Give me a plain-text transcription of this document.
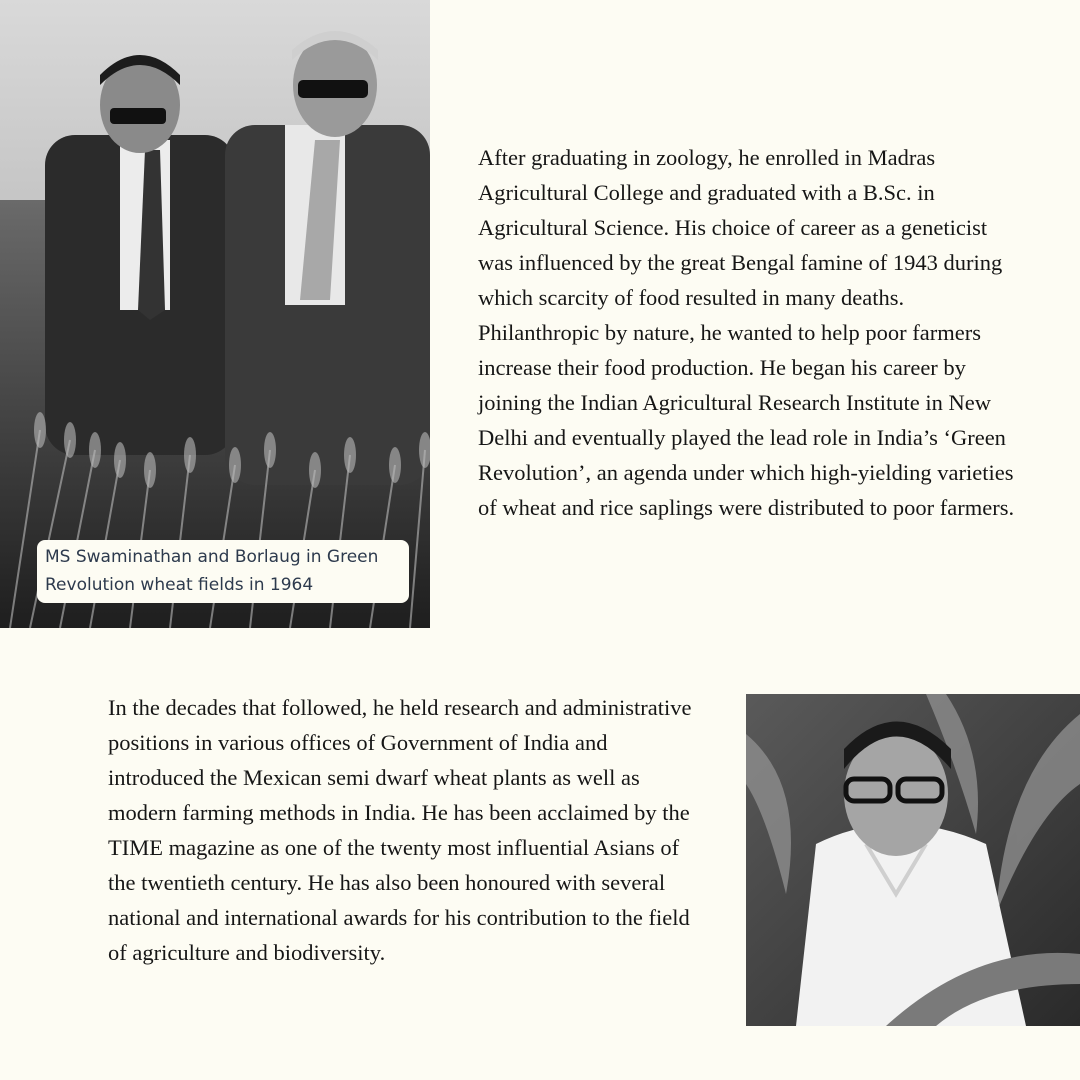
MS Swaminathan and Borlaug in Green Revolution wheat fields in 1964

After graduating in zoology, he enrolled in Madras Agricultural College and graduated with a B.Sc. in Agricultural Science. His choice of career as a geneticist was influenced by the great Bengal famine of 1943 during which scarcity of food resulted in many deaths. Philanthropic by nature, he wanted to help poor farmers increase their food production. He began his career by joining the Indian Agricultural Research Institute in New Delhi and eventually played the lead role in India’s ‘Green Revolution’, an agenda under which high-yielding varieties of wheat and rice saplings were distributed to poor farmers.

In the decades that followed, he held research and administrative positions in various offices of Government of India and introduced the Mexican semi dwarf wheat plants as well as modern farming methods in India. He has been acclaimed by the TIME magazine as one of the twenty most influential Asians of the twentieth century. He has also been honoured with several national and international awards for his contribution to the field of agriculture and biodiversity.
